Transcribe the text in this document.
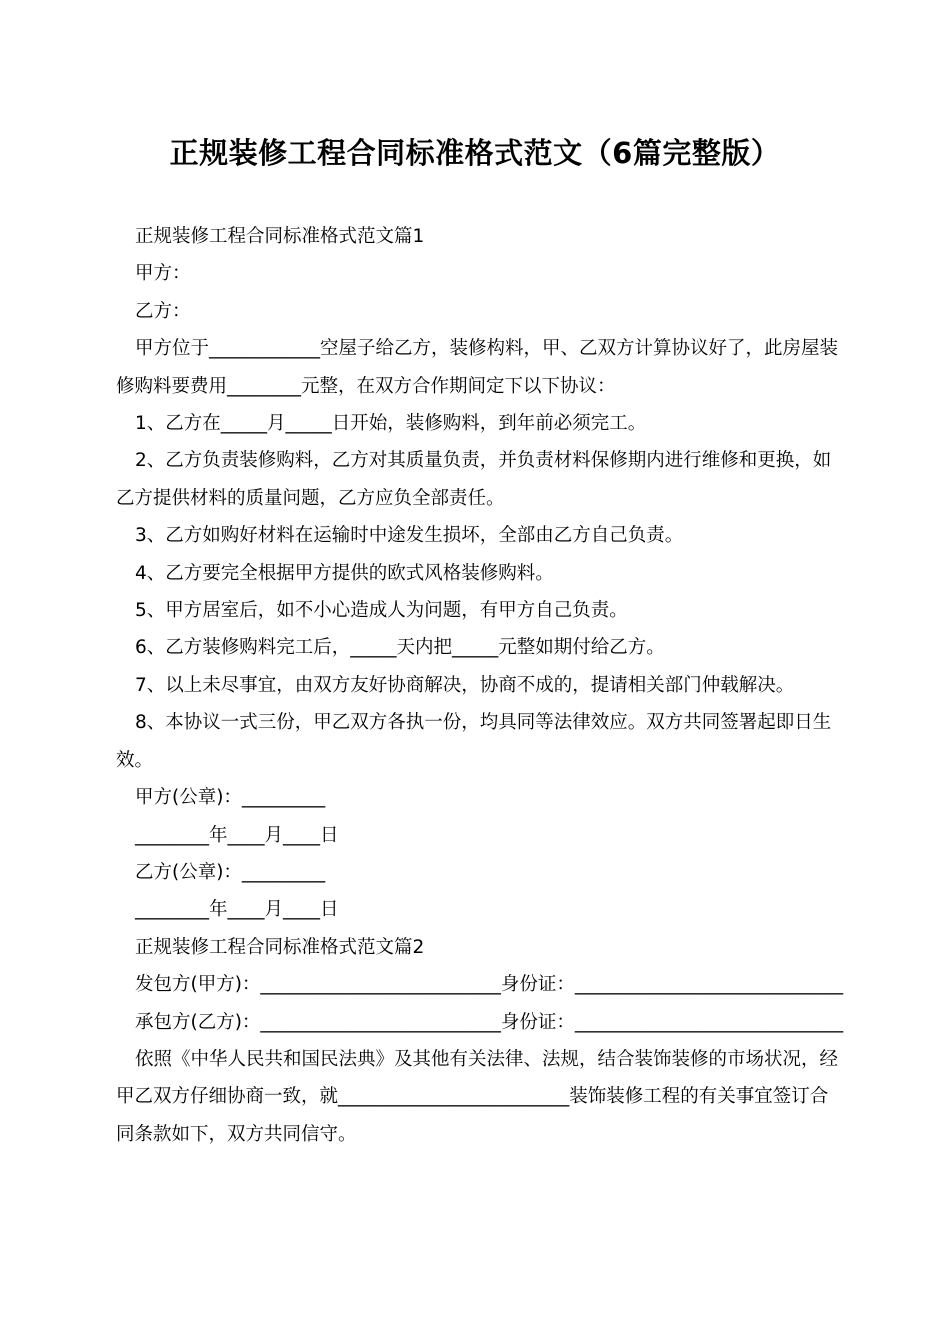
正规装修工程合同标准格式范文（6篇完整版）

正规装修工程合同标准格式范文篇1

甲方：

乙方：

甲方位于____________空屋子给乙方，装修构料，甲、乙双方计算协议好了，此房屋装修购料要费用________元整，在双方合作期间定下以下协议：

1、乙方在_____月_____日开始，装修购料，到年前必须完工。

2、乙方负责装修购料，乙方对其质量负责，并负责材料保修期内进行维修和更换，如乙方提供材料的质量问题，乙方应负全部责任。

3、乙方如购好材料在运输时中途发生损坏，全部由乙方自己负责。

4、乙方要完全根据甲方提供的欧式风格装修购料。

5、甲方居室后，如不小心造成人为问题，有甲方自己负责。

6、乙方装修购料完工后，_____天内把_____元整如期付给乙方。

7、以上未尽事宜，由双方友好协商解决，协商不成的，提请相关部门仲载解决。

8、本协议一式三份，甲乙双方各执一份，均具同等法律效应。双方共同签署起即日生效。

甲方(公章)：_________

________年____月____日

乙方(公章)：_________

________年____月____日

正规装修工程合同标准格式范文篇2

发包方(甲方)：__________________________身份证：_____________________________

承包方(乙方)：__________________________身份证：_____________________________

依照《中华人民共和国民法典》及其他有关法律、法规，结合装饰装修的市场状况，经甲乙双方仔细协商一致，就_________________________装饰装修工程的有关事宜签订合同条款如下，双方共同信守。
